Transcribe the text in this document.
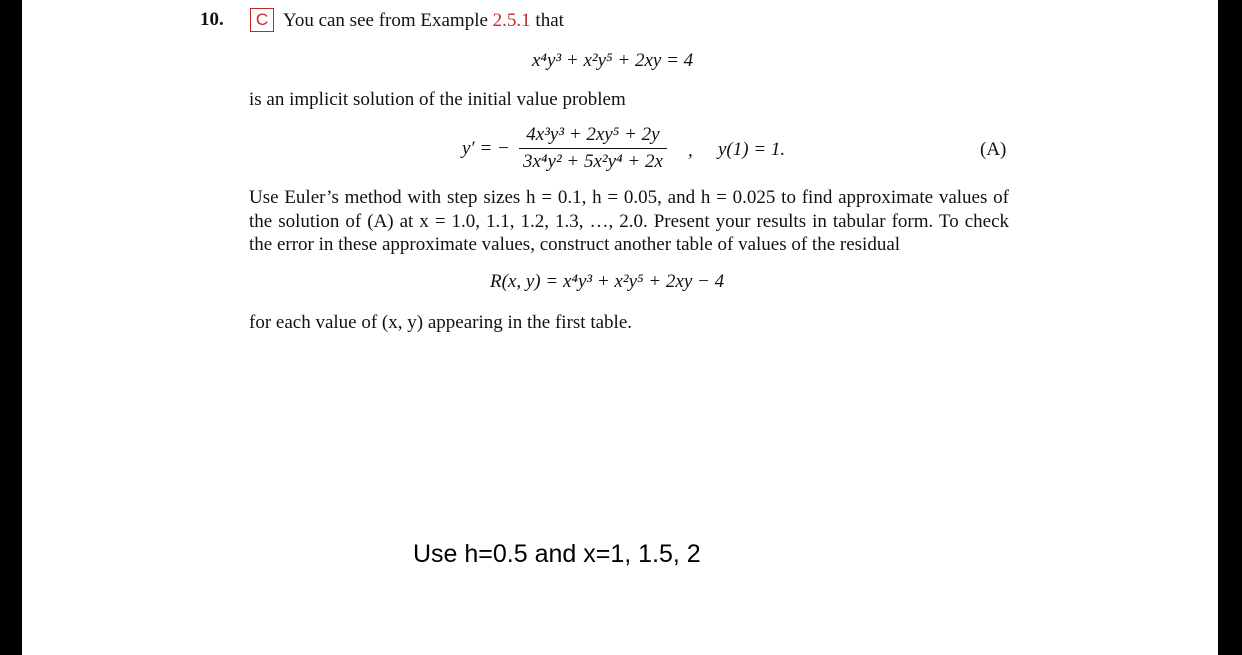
10.	C You can see from Example 2.5.1 that
x⁴y³ + x²y⁵ + 2xy = 4
is an implicit solution of the initial value problem
y′ = −
4x³y³ + 2xy⁵ + 2y
3x⁴y² + 5x²y⁴ + 2x
, y(1) = 1.	(A)
Use Euler’s method with step sizes h = 0.1, h = 0.05, and h = 0.025 to find approximate values of the solution of (A) at x = 1.0, 1.1, 1.2, 1.3, …, 2.0. Present your results in tabular form. To check the error in these approximate values, construct another table of values of the residual
R(x, y) = x⁴y³ + x²y⁵ + 2xy − 4
for each value of (x, y) appearing in the first table.
Use h=0.5 and x=1, 1.5, 2
